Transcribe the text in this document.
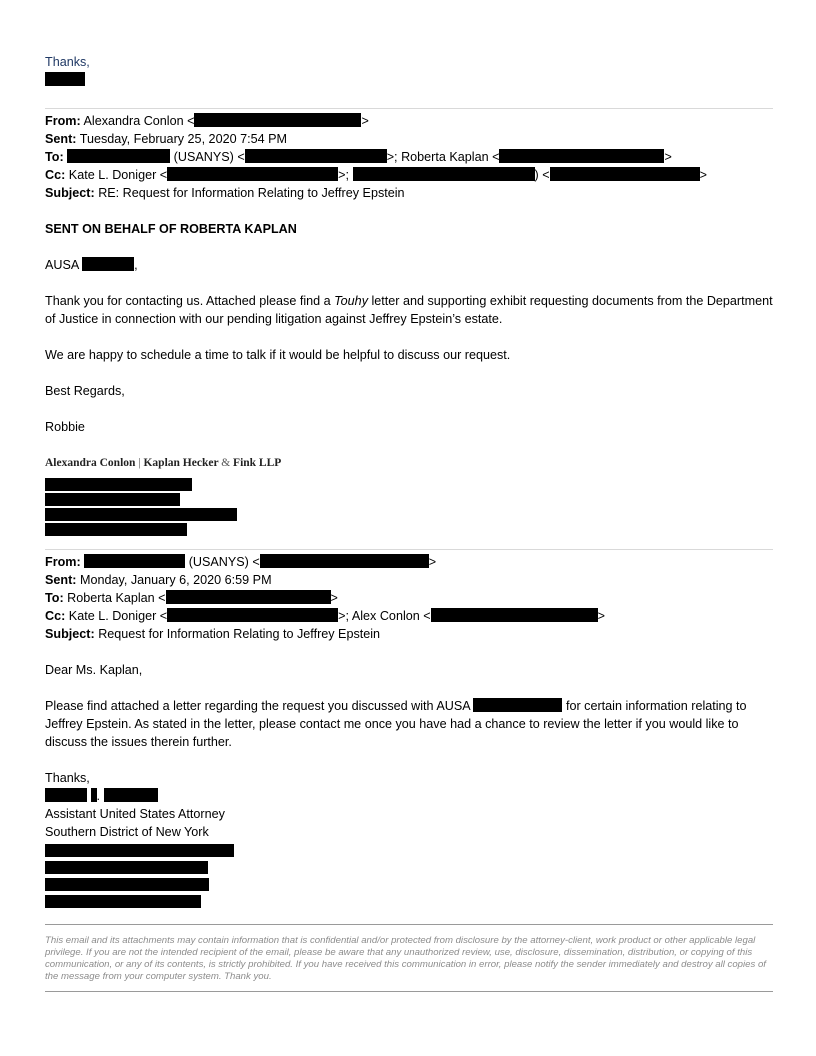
Thanks,

From: Alexandra Conlon <	>

Sent: Tuesday, February 25, 2020 7:54 PM

To:	(USANYS) <	>; Roberta Kaplan <	>

Cc: Kate L. Doniger <	>;	) <	>

Subject: RE: Request for Information Relating to Jeffrey Epstein

SENT ON BEHALF OF ROBERTA KAPLAN

AUSA	,

Thank you for contacting us. Attached please find a Touhy letter and supporting exhibit requesting documents from the Department of Justice in connection with our pending litigation against Jeffrey Epstein’s estate.

We are happy to schedule a time to talk if it would be helpful to discuss our request.

Best Regards,

Robbie

Alexandra Conlon | Kaplan Hecker & Fink LLP

From:	(USANYS) <	>

Sent: Monday, January 6, 2020 6:59 PM

To: Roberta Kaplan <	>

Cc: Kate L. Doniger <	>; Alex Conlon <	>

Subject: Request for Information Relating to Jeffrey Epstein

Dear Ms. Kaplan,

Please find attached a letter regarding the request you discussed with AUSA	for certain information relating to Jeffrey Epstein. As stated in the letter, please contact me once you have had a chance to review the letter if you would like to discuss the issues therein further.

Thanks,

.

Assistant United States Attorney

Southern District of New York

This email and its attachments may contain information that is confidential and/or protected from disclosure by the attorney-client, work product or other applicable legal privilege. If you are not the intended recipient of the email, please be aware that any unauthorized review, use, disclosure, dissemination, distribution, or copying of this communication, or any of its contents, is strictly prohibited. If you have received this communication in error, please notify the sender immediately and destroy all copies of the message from your computer system. Thank you.
